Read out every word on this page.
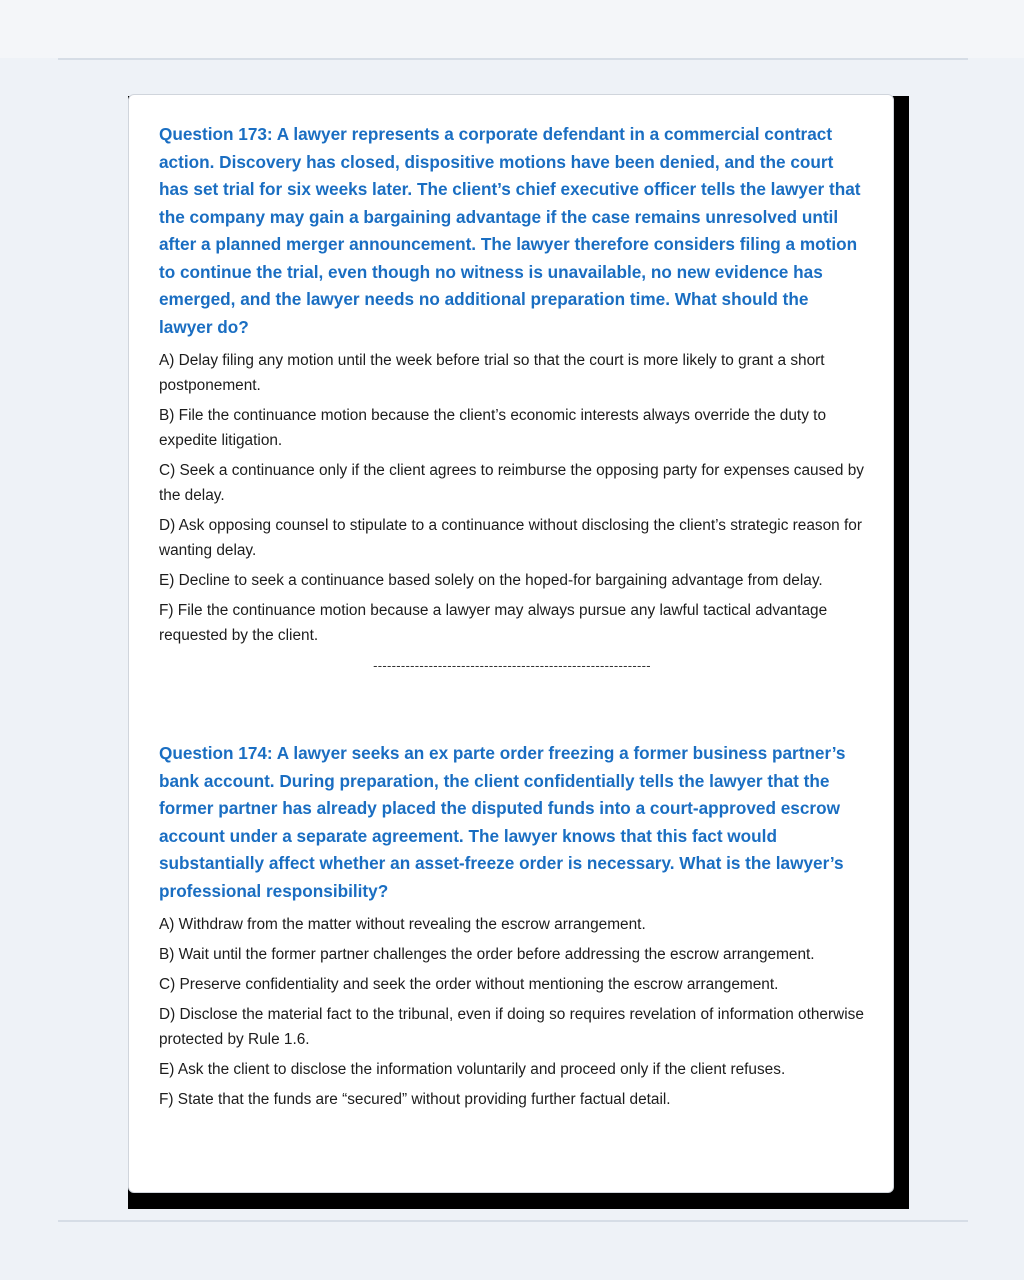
Question 173: A lawyer represents a corporate defendant in a commercial contract action. Discovery has closed, dispositive motions have been denied, and the court has set trial for six weeks later. The client’s chief executive officer tells the lawyer that the company may gain a bargaining advantage if the case remains unresolved until after a planned merger announcement. The lawyer therefore considers filing a motion to continue the trial, even though no witness is unavailable, no new evidence has emerged, and the lawyer needs no additional preparation time. What should the lawyer do?

A) Delay filing any motion until the week before trial so that the court is more likely to grant a short postponement.

B) File the continuance motion because the client’s economic interests always override the duty to expedite litigation.

C) Seek a continuance only if the client agrees to reimburse the opposing party for expenses caused by the delay.

D) Ask opposing counsel to stipulate to a continuance without disclosing the client’s strategic reason for wanting delay.

E) Decline to seek a continuance based solely on the hoped-for bargaining advantage from delay.

F) File the continuance motion because a lawyer may always pursue any lawful tactical advantage requested by the client.

------------------------------------------------------------

Question 174: A lawyer seeks an ex parte order freezing a former business partner’s bank account. During preparation, the client confidentially tells the lawyer that the former partner has already placed the disputed funds into a court-approved escrow account under a separate agreement. The lawyer knows that this fact would substantially affect whether an asset-freeze order is necessary. What is the lawyer’s professional responsibility?

A) Withdraw from the matter without revealing the escrow arrangement.

B) Wait until the former partner challenges the order before addressing the escrow arrangement.

C) Preserve confidentiality and seek the order without mentioning the escrow arrangement.

D) Disclose the material fact to the tribunal, even if doing so requires revelation of information otherwise protected by Rule 1.6.

E) Ask the client to disclose the information voluntarily and proceed only if the client refuses.

F) State that the funds are “secured” without providing further factual detail.
